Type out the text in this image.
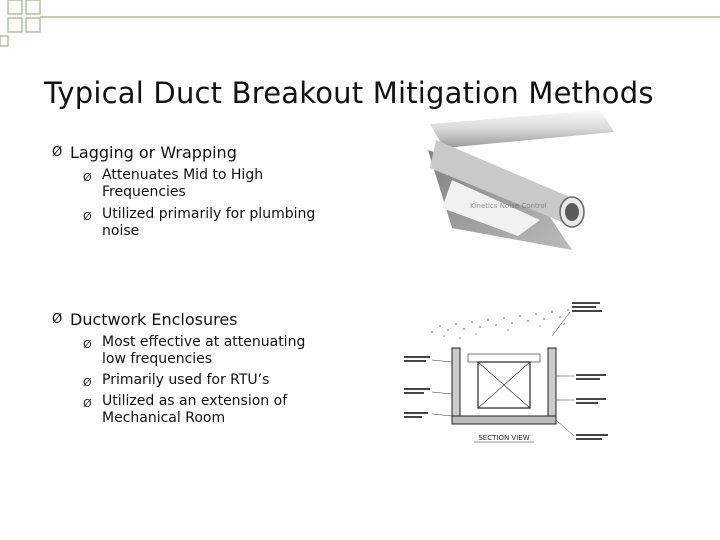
Typical Duct Breakout Mitigation Methods
Ø Lagging or Wrapping
Ø Attenuates Mid to High Frequencies
Ø Utilized primarily for plumbing noise
Ø Ductwork Enclosures
Ø Most effective at attenuating low frequencies
Ø Primarily used for RTU’s
Ø Utilized as an extension of Mechanical Room
Kinetics Noise Control
SECTION VIEW
